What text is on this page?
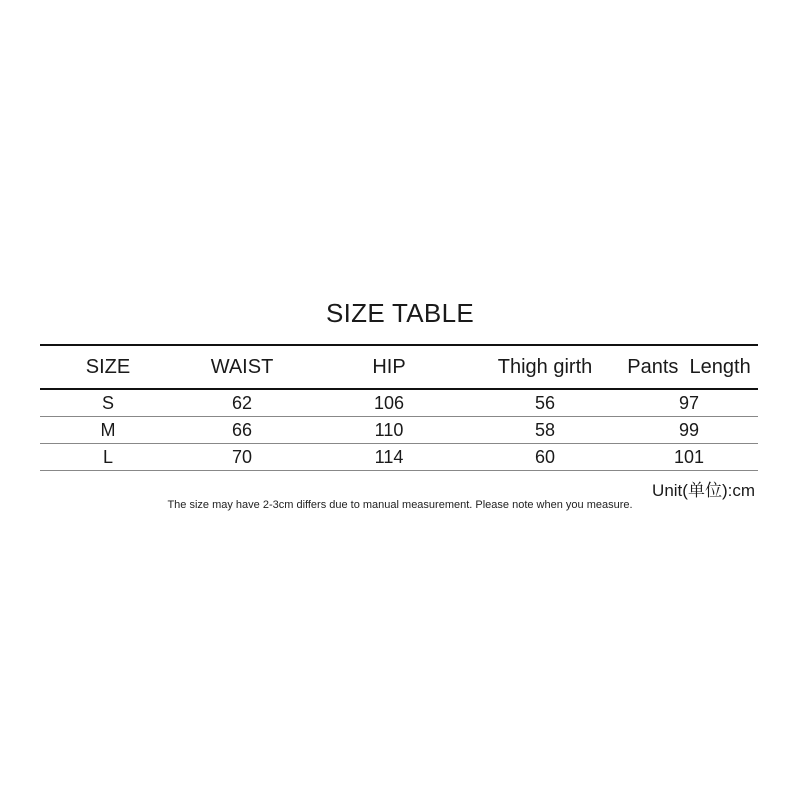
SIZE TABLE
SIZE	WAIST	HIP	Thigh girth	Pants  Length
S	62	106	56	97
M	66	110	58	99
L	70	114	60	101
Unit(单位):cm
The size may have 2-3cm differs due to manual measurement. Please note when you measure.
